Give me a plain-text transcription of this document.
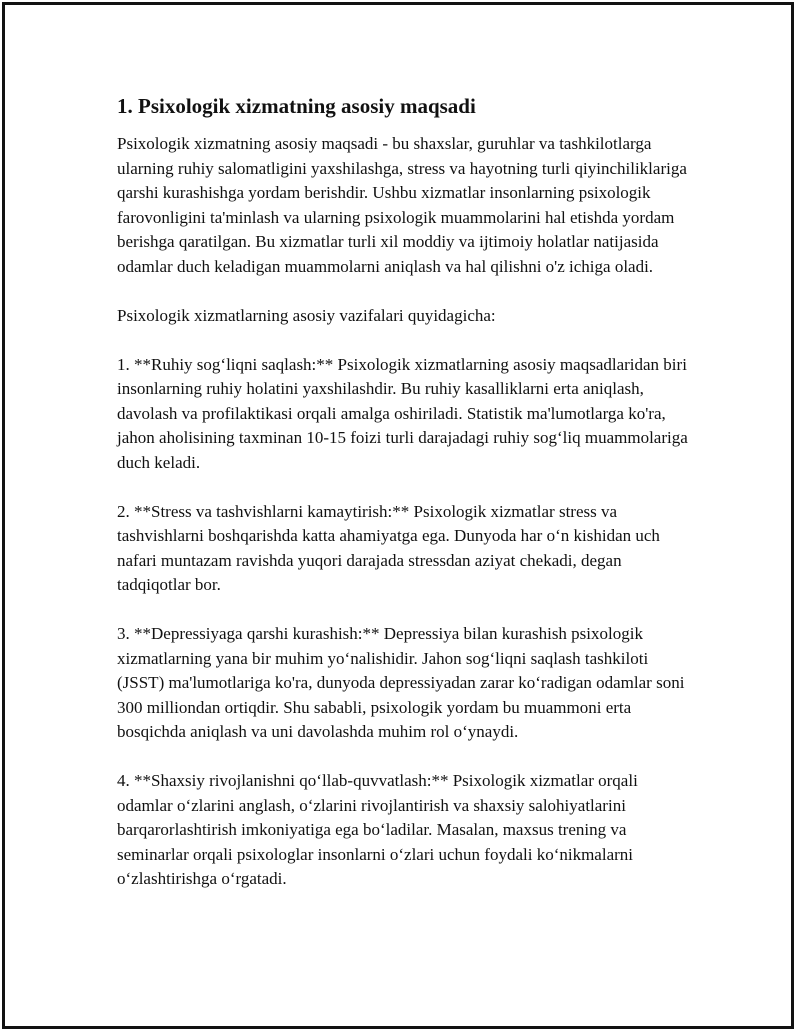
1. Psixologik xizmatning asosiy maqsadi

Psixologik xizmatning asosiy maqsadi - bu shaxslar, guruhlar va tashkilotlarga ularning ruhiy salomatligini yaxshilashga, stress va hayotning turli qiyinchiliklariga qarshi kurashishga yordam berishdir. Ushbu xizmatlar insonlarning psixologik farovonligini ta'minlash va ularning psixologik muammolarini hal etishda yordam berishga qaratilgan. Bu xizmatlar turli xil moddiy va ijtimoiy holatlar natijasida odamlar duch keladigan muammolarni aniqlash va hal qilishni o'z ichiga oladi.

Psixologik xizmatlarning asosiy vazifalari quyidagicha:

1. **Ruhiy sog‘liqni saqlash:** Psixologik xizmatlarning asosiy maqsadlaridan biri insonlarning ruhiy holatini yaxshilashdir. Bu ruhiy kasalliklarni erta aniqlash, davolash va profilaktikasi orqali amalga oshiriladi. Statistik ma'lumotlarga ko'ra, jahon aholisining taxminan 10-15 foizi turli darajadagi ruhiy sog‘liq muammolariga duch keladi.

2. **Stress va tashvishlarni kamaytirish:** Psixologik xizmatlar stress va tashvishlarni boshqarishda katta ahamiyatga ega. Dunyoda har o‘n kishidan uch nafari muntazam ravishda yuqori darajada stressdan aziyat chekadi, degan tadqiqotlar bor.

3. **Depressiyaga qarshi kurashish:** Depressiya bilan kurashish psixologik xizmatlarning yana bir muhim yo‘nalishidir. Jahon sog‘liqni saqlash tashkiloti (JSST) ma'lumotlariga ko'ra, dunyoda depressiyadan zarar ko‘radigan odamlar soni 300 milliondan ortiqdir. Shu sababli, psixologik yordam bu muammoni erta bosqichda aniqlash va uni davolashda muhim rol o‘ynaydi.

4. **Shaxsiy rivojlanishni qo‘llab-quvvatlash:** Psixologik xizmatlar orqali odamlar o‘zlarini anglash, o‘zlarini rivojlantirish va shaxsiy salohiyatlarini barqarorlashtirish imkoniyatiga ega bo‘ladilar. Masalan, maxsus trening va seminarlar orqali psixologlar insonlarni o‘zlari uchun foydali ko‘nikmalarni o‘zlashtirishga o‘rgatadi.
